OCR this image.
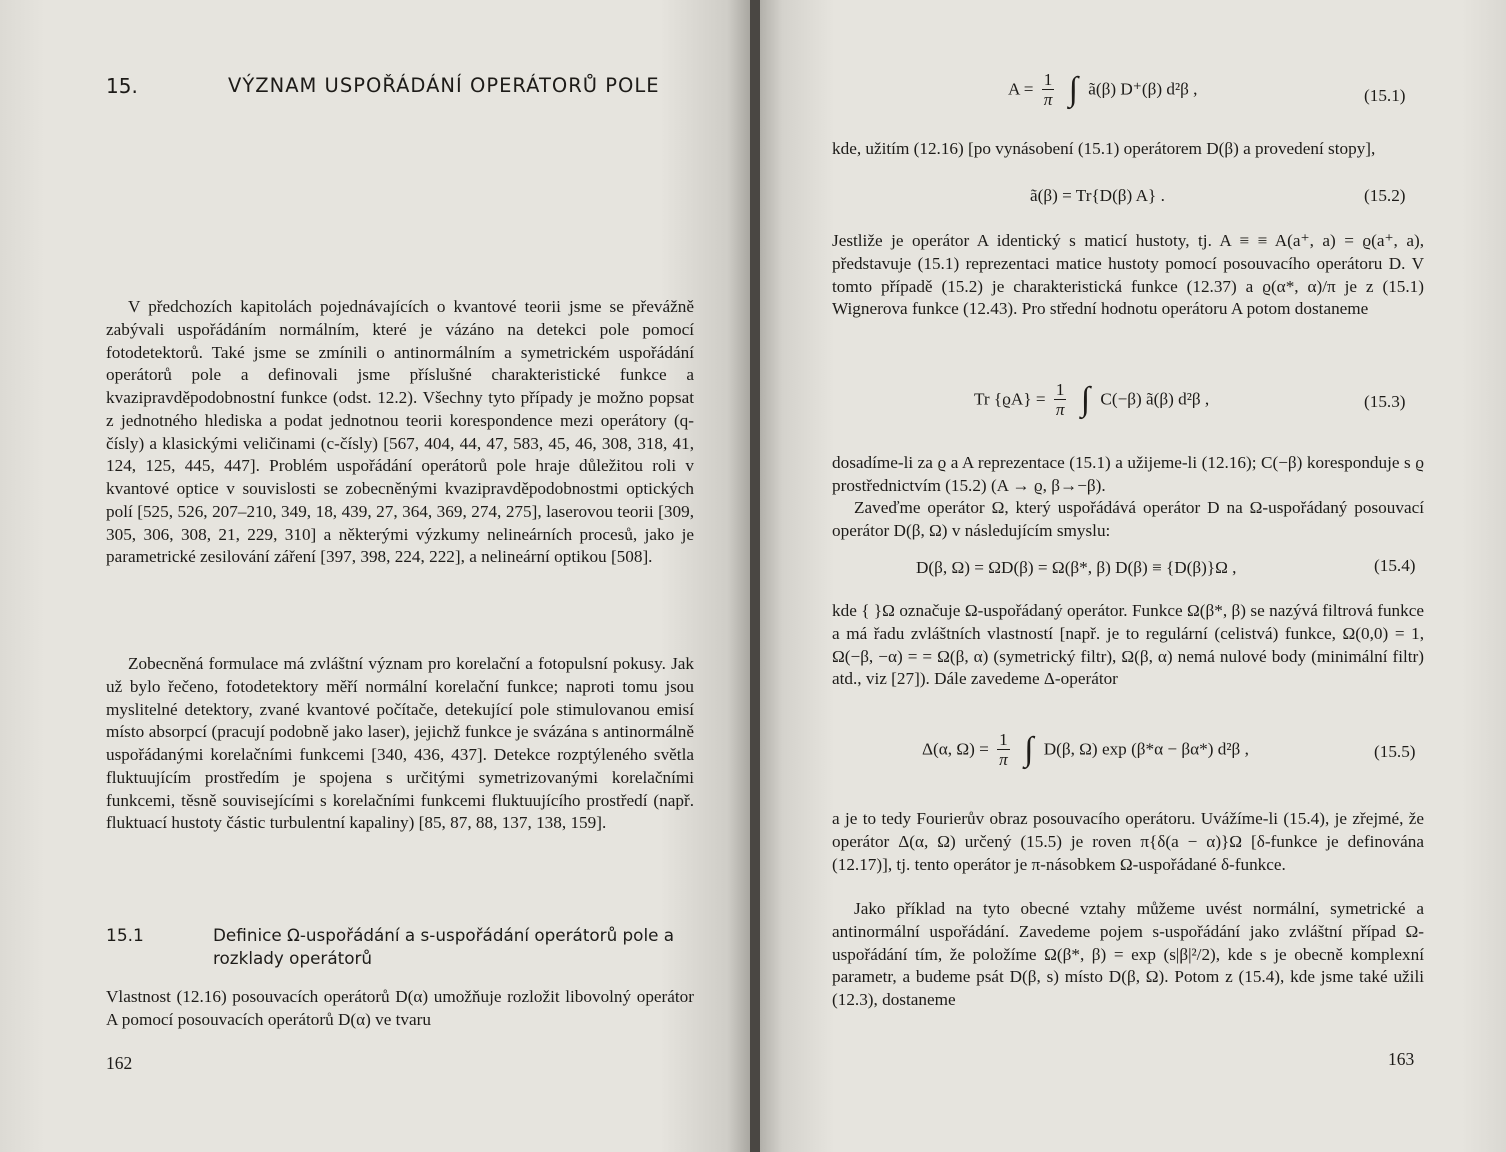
15.	VÝZNAM USPOŘÁDÁNÍ OPERÁTORŮ POLE

V předchozích kapitolách pojednávajících o kvantové teorii jsme se převážně zabývali uspořádáním normálním, které je vázáno na detekci pole pomocí fotodetektorů. Také jsme se zmínili o antinormálním a symetrickém uspořádání operátorů pole a definovali jsme příslušné charakteristické funkce a kvazipravděpodobnostní funkce (odst. 12.2). Všechny tyto případy je možno popsat z jednotného hlediska a podat jednotnou teorii korespondence mezi operátory (q-čísly) a klasickými veličinami (c-čísly) [567, 404, 44, 47, 583, 45, 46, 308, 318, 41, 124, 125, 445, 447]. Problém uspořádání operátorů pole hraje důležitou roli v kvantové optice v souvislosti se zobecněnými kvazipravděpodobnostmi optických polí [525, 526, 207–210, 349, 18, 439, 27, 364, 369, 274, 275], laserovou teorii [309, 305, 306, 308, 21, 229, 310] a některými výzkumy nelineárních procesů, jako je parametrické zesilování záření [397, 398, 224, 222], a nelineární optikou [508].

Zobecněná formulace má zvláštní význam pro korelační a fotopulsní pokusy. Jak už bylo řečeno, fotodetektory měří normální korelační funkce; naproti tomu jsou myslitelné detektory, zvané kvantové počítače, detekující pole stimulovanou emisí místo absorpcí (pracují podobně jako laser), jejichž funkce je svázána s antinormálně uspořádanými korelačními funkcemi [340, 436, 437]. Detekce rozptýleného světla fluktuujícím prostředím je spojena s určitými symetrizovanými korelačními funkcemi, těsně souvisejícími s korelačními funkcemi fluktuujícího prostředí (např. fluktuací hustoty částic turbulentní kapaliny) [85, 87, 88, 137, 138, 159].

15.1	Definice Ω-uspořádání a s-uspořádání operátorů pole a rozklady operátorů

Vlastnost (12.16) posouvacích operátorů D(α) umožňuje rozložit libovolný operátor A pomocí posouvacích operátorů D(α) ve tvaru

162
$A = \frac{1}{\pi}$ ∫ ã(β) D⁺(β) d²β ,	(15.1)

kde, užitím (12.16) [po vynásobení (15.1) operátorem D(β) a provedení stopy],

ã(β) = Tr{D(β) A} .	(15.2)

Jestliže je operátor A identický s maticí hustoty, tj. A ≡ ≡ A(a⁺, a) = ϱ(a⁺, a), představuje (15.1) reprezentaci matice hustoty pomocí posouvacího operátoru D. V tomto případě (15.2) je charakteristická funkce (12.37) a ϱ(α*, α)/π je z (15.1) Wignerova funkce (12.43). Pro střední hodnotu operátoru A potom dostaneme

Tr $\{ϱA\} = \frac{1}{\pi}$ ∫ C(−β) ã(β) d²β ,	(15.3)

dosadíme-li za ϱ a A reprezentace (15.1) a užijeme-li (12.16); C(−β) koresponduje s ϱ prostřednictvím (15.2) (A → ϱ, β→−β).

Zaveďme operátor Ω, který uspořádává operátor D na Ω-uspořádaný posouvací operátor D(β, Ω) v následujícím smyslu:

D(β, Ω) = ΩD(β) = Ω(β*, β) D(β) ≡ {D(β)}Ω ,	(15.4)

kde { }Ω označuje Ω-uspořádaný operátor. Funkce Ω(β*, β) se nazývá filtrová funkce a má řadu zvláštních vlastností [např. je to regulární (celistvá) funkce, Ω(0,0) = 1, Ω(−β, −α) = = Ω(β, α) (symetrický filtr), Ω(β, α) nemá nulové body (minimální filtr) atd., viz [27]). Dále zavedeme Δ-operátor

Δ(α, $\Omega) = \frac{1}{\pi}$ ∫ D(β, Ω) exp (β*α − βα*) d²β ,	(15.5)

a je to tedy Fourierův obraz posouvacího operátoru. Uvážíme-li (15.4), je zřejmé, že operátor Δ(α, Ω) určený (15.5) je roven π{δ(a − α)}Ω [δ-funkce je definována (12.17)], tj. tento operátor je π-násobkem Ω-uspořádané δ-funkce.

Jako příklad na tyto obecné vztahy můžeme uvést normální, symetrické a antinormální uspořádání. Zavedeme pojem s-uspořádání jako zvláštní případ Ω-uspořádání tím, že položíme Ω(β*, β) = exp (s|β|²/2), kde s je obecně komplexní parametr, a budeme psát D(β, s) místo D(β, Ω). Potom z (15.4), kde jsme také užili (12.3), dostaneme

163
